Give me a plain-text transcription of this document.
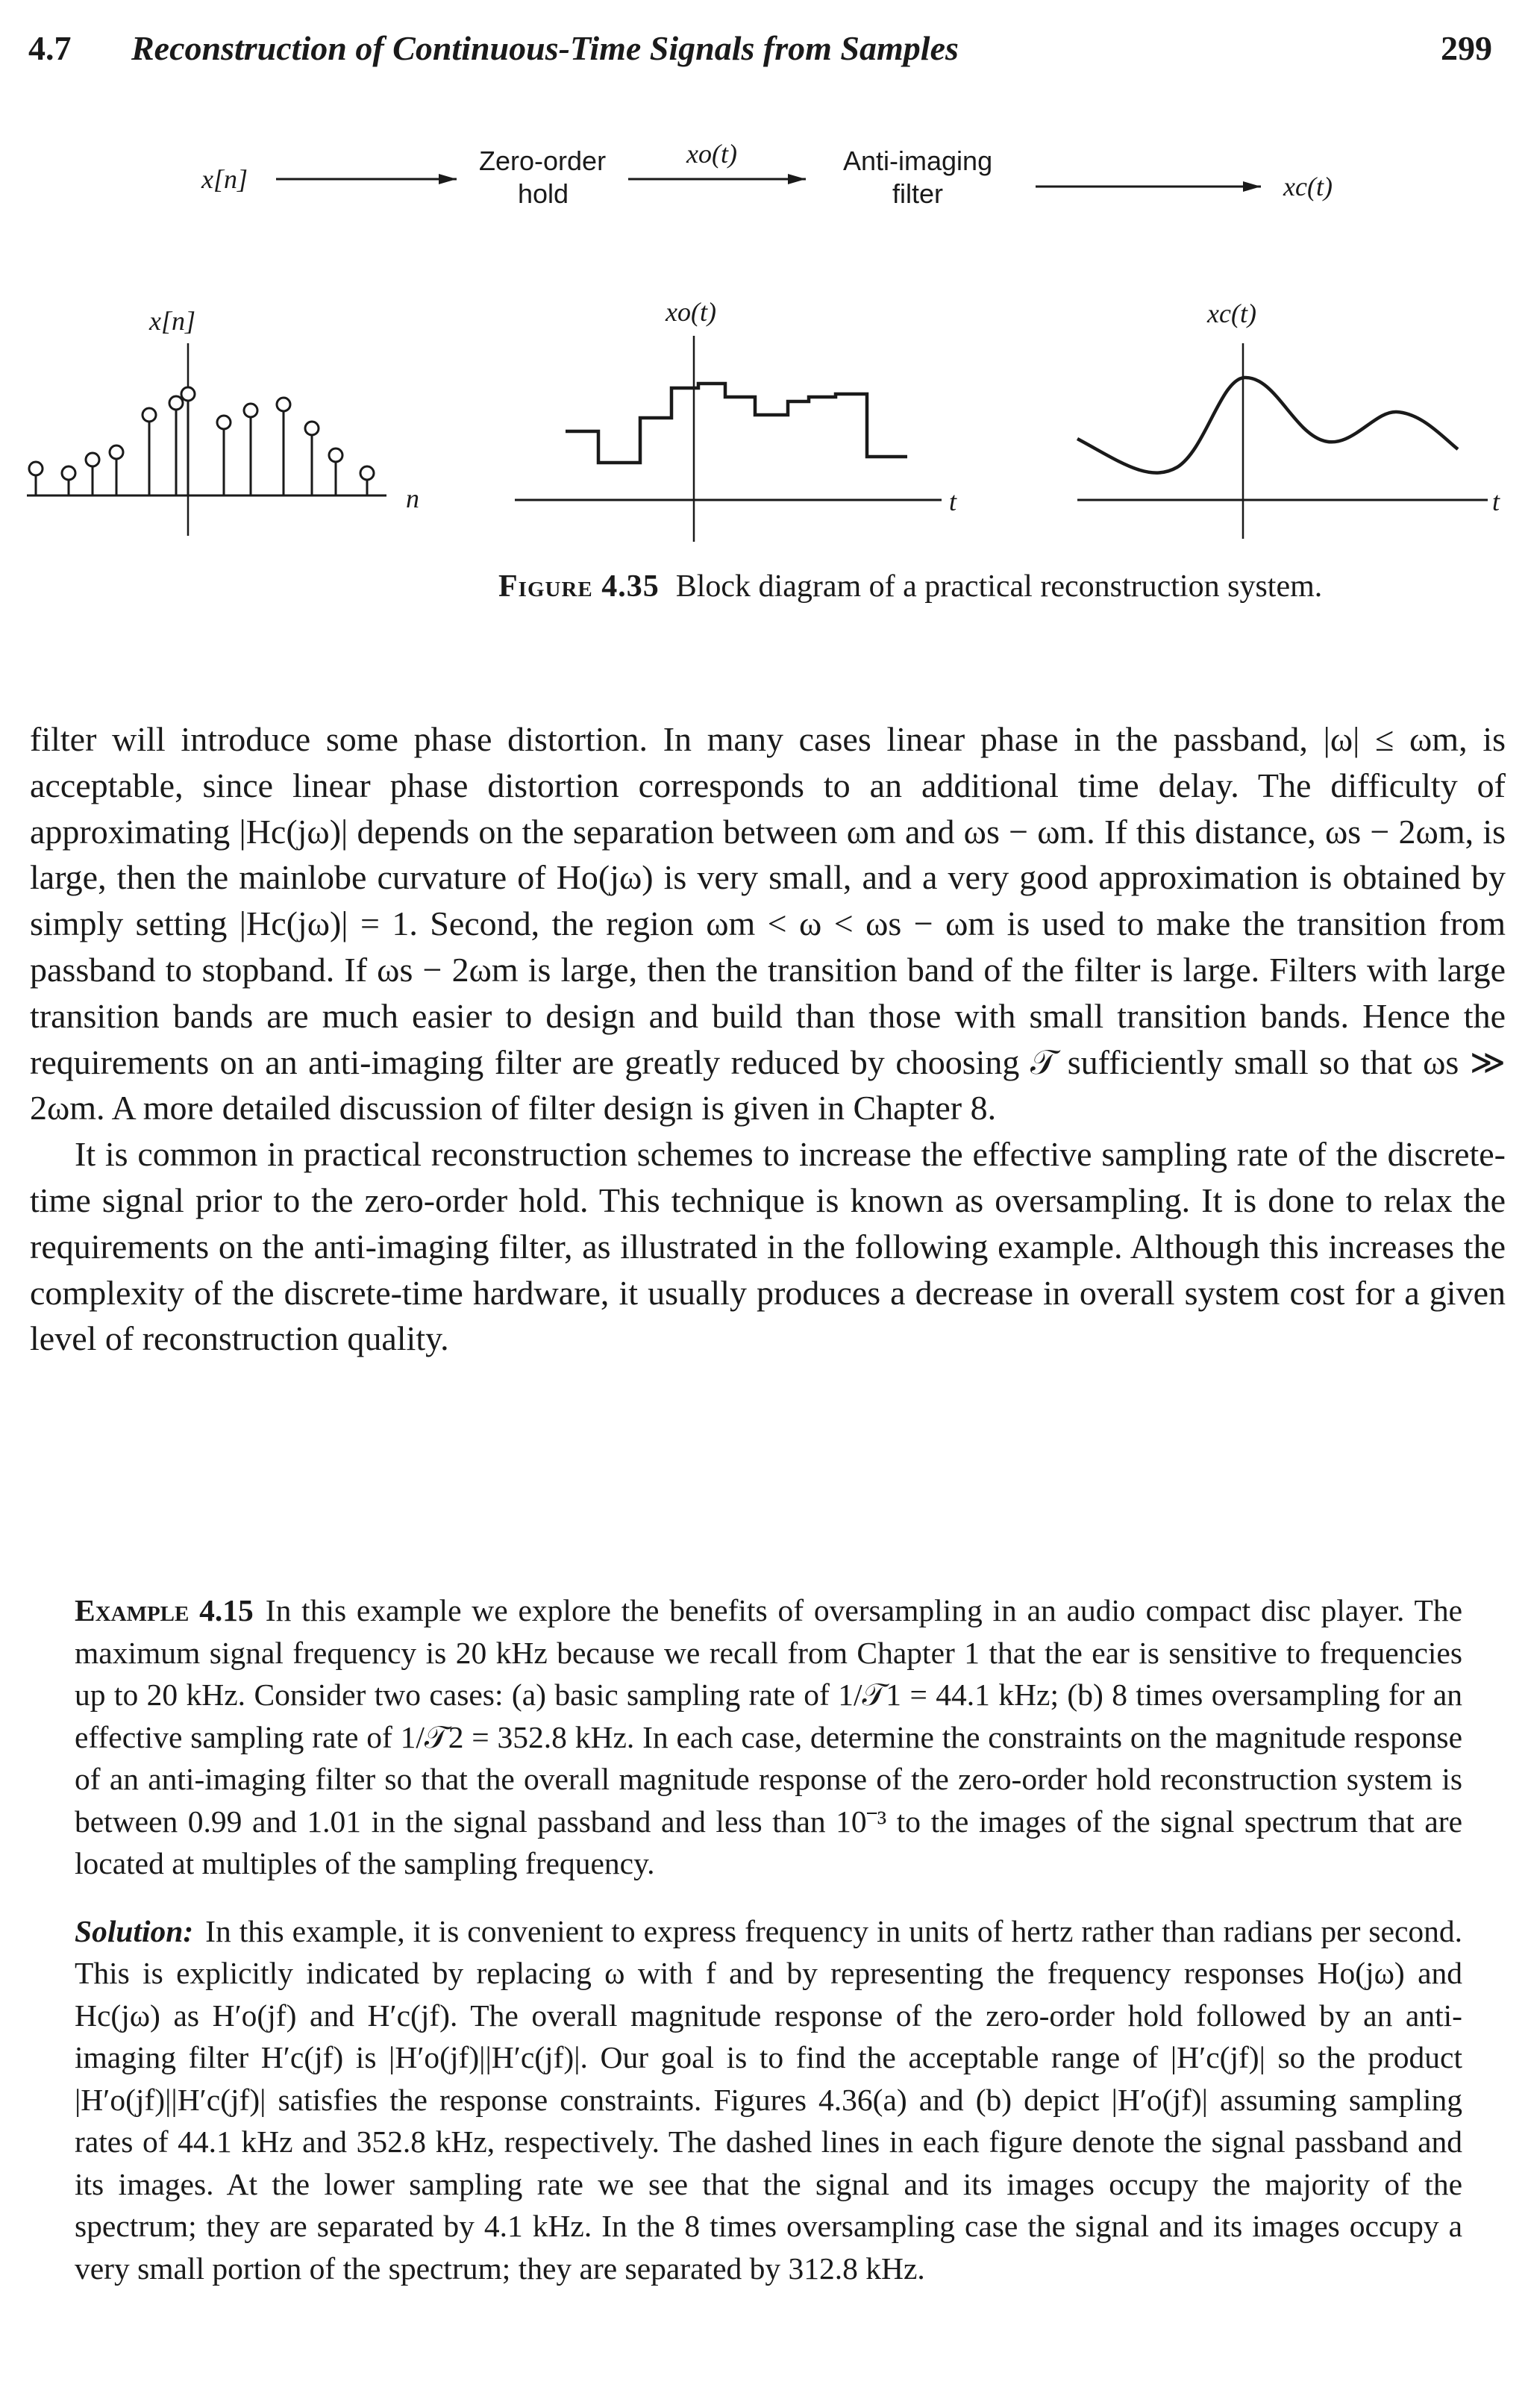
4.7 Reconstruction of Continuous-Time Signals from Samples	299
x[n]
Zero-order
hold
xo(t)	Anti-imaging
filter	xc(t)
x[n]
n
xo(t)
t
xc(t)
t
Figure 4.35 Block diagram of a practical reconstruction system.

filter will introduce some phase distortion. In many cases linear phase in the passband, |ω| ≤ ωm, is acceptable, since linear phase distortion corresponds to an additional time delay. The difficulty of approximating |Hc(jω)| depends on the separation between ωm and ωs − ωm. If this distance, ωs − 2ωm, is large, then the mainlobe curvature of Ho(jω) is very small, and a very good approximation is obtained by simply setting |Hc(jω)| = 1. Second, the region ωm < ω < ωs − ωm is used to make the transition from passband to stopband. If ωs − 2ωm is large, then the transition band of the filter is large. Filters with large transition bands are much easier to design and build than those with small transition bands. Hence the requirements on an anti-imaging filter are greatly reduced by choosing 𝒯 sufficiently small so that ωs ≫ 2ωm. A more detailed discussion of filter design is given in Chapter 8.

It is common in practical reconstruction schemes to increase the effective sampling rate of the discrete-time signal prior to the zero-order hold. This technique is known as oversampling. It is done to relax the requirements on the anti-imaging filter, as illustrated in the following example. Although this increases the complexity of the discrete-time hardware, it usually produces a decrease in overall system cost for a given level of reconstruction quality.

Example 4.15 In this example we explore the benefits of oversampling in an audio compact disc player. The maximum signal frequency is 20 kHz because we recall from Chapter 1 that the ear is sensitive to frequencies up to 20 kHz. Consider two cases: (a) basic sampling rate of 1/𝒯1 = 44.1 kHz; (b) 8 times oversampling for an effective sampling rate of 1/𝒯2 = 352.8 kHz. In each case, determine the constraints on the magnitude response of an anti-imaging filter so that the overall magnitude response of the zero-order hold reconstruction system is between 0.99 and 1.01 in the signal passband and less than 10⁻³ to the images of the signal spectrum that are located at multiples of the sampling frequency.

Solution: In this example, it is convenient to express frequency in units of hertz rather than radians per second. This is explicitly indicated by replacing ω with f and by representing the frequency responses Ho(jω) and Hc(jω) as H′o(jf) and H′c(jf). The overall magnitude response of the zero-order hold followed by an anti-imaging filter H′c(jf) is |H′o(jf)||H′c(jf)|. Our goal is to find the acceptable range of |H′c(jf)| so the product |H′o(jf)||H′c(jf)| satisfies the response constraints. Figures 4.36(a) and (b) depict |H′o(jf)| assuming sampling rates of 44.1 kHz and 352.8 kHz, respectively. The dashed lines in each figure denote the signal passband and its images. At the lower sampling rate we see that the signal and its images occupy the majority of the spectrum; they are separated by 4.1 kHz. In the 8 times oversampling case the signal and its images occupy a very small portion of the spectrum; they are separated by 312.8 kHz.
